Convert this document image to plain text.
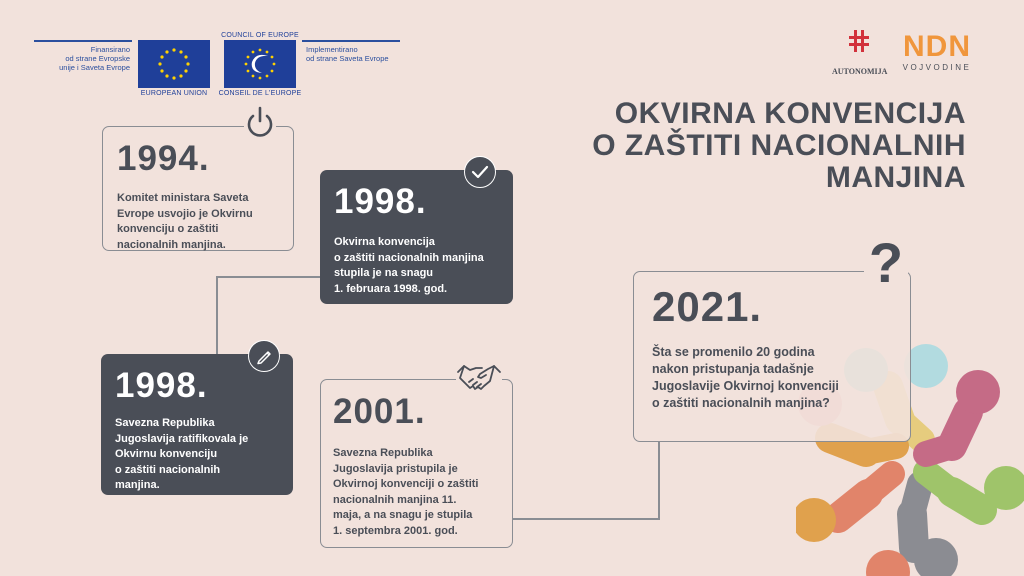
Finansirano
od strane Evropske
unije i Saveta Evrope
EUROPEAN UNION
COUNCIL OF EUROPE
CONSEIL DE L'EUROPE
Implementirano
od strane Saveta Evrope
AUTONOMIJA
NDN
VOJVODINE
OKVIRNA KONVENCIJA
O ZAŠTITI NACIONALNIH
MANJINA
1994.
Komitet ministara Saveta
Evrope usvojio je Okvirnu
konvenciju o zaštiti
nacionalnih manjina.
1998.
Okvirna konvencija
o zaštiti nacionalnih manjina
stupila je na snagu
1. februara 1998. god.
1998.
Savezna Republika
Jugoslavija ratifikovala je
Okvirnu konvenciju
o zaštiti nacionalnih
manjina.
2001.
Savezna Republika
Jugoslavija pristupila je
Okvirnoj konvenciji o zaštiti
nacionalnih manjina 11.
maja, a na snagu je stupila
1. septembra 2001. god.
2021.
Šta se promenilo 20 godina
nakon pristupanja tadašnje
Jugoslavije Okvirnoj konvenciji
o zaštiti nacionalnih manjina?
?
